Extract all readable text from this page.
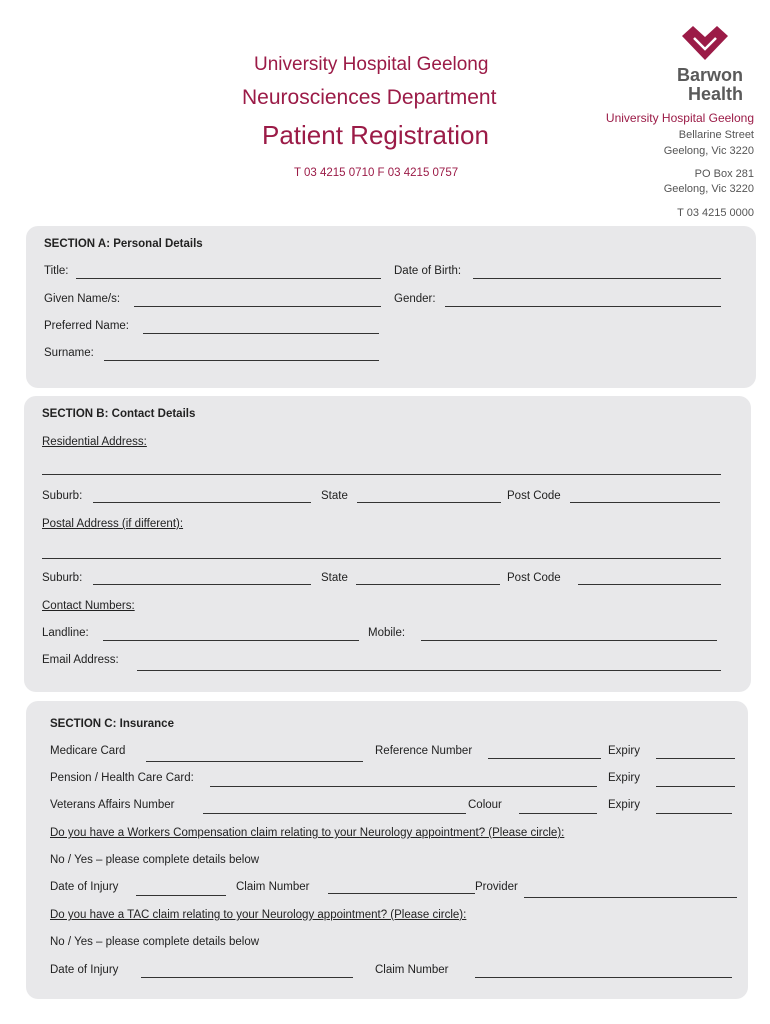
University Hospital Geelong
Neurosciences Department
Patient Registration
T 03 4215 0710 F 03 4215 0757
Barwon
Health
University Hospital Geelong
Bellarine Street
Geelong, Vic 3220
PO Box 281
Geelong, Vic 3220
T 03 4215 0000
SECTION A: Personal Details
Title:	Date of Birth:
Given Name/s:	Gender:
Preferred Name:
Surname:
SECTION B: Contact Details
Residential Address:
Suburb:	State	Post Code
Postal Address (if different):
Suburb:	State	Post Code
Contact Numbers:
Landline:	Mobile:
Email Address:
SECTION C: Insurance
Medicare Card	Reference Number	Expiry
Pension / Health Care Card:	Expiry
Veterans Affairs Number	Colour	Expiry
Do you have a Workers Compensation claim relating to your Neurology appointment? (Please circle):
No / Yes – please complete details below
Date of Injury	Claim Number	Provider
Do you have a TAC claim relating to your Neurology appointment? (Please circle):
No / Yes – please complete details below
Date of Injury	Claim Number
